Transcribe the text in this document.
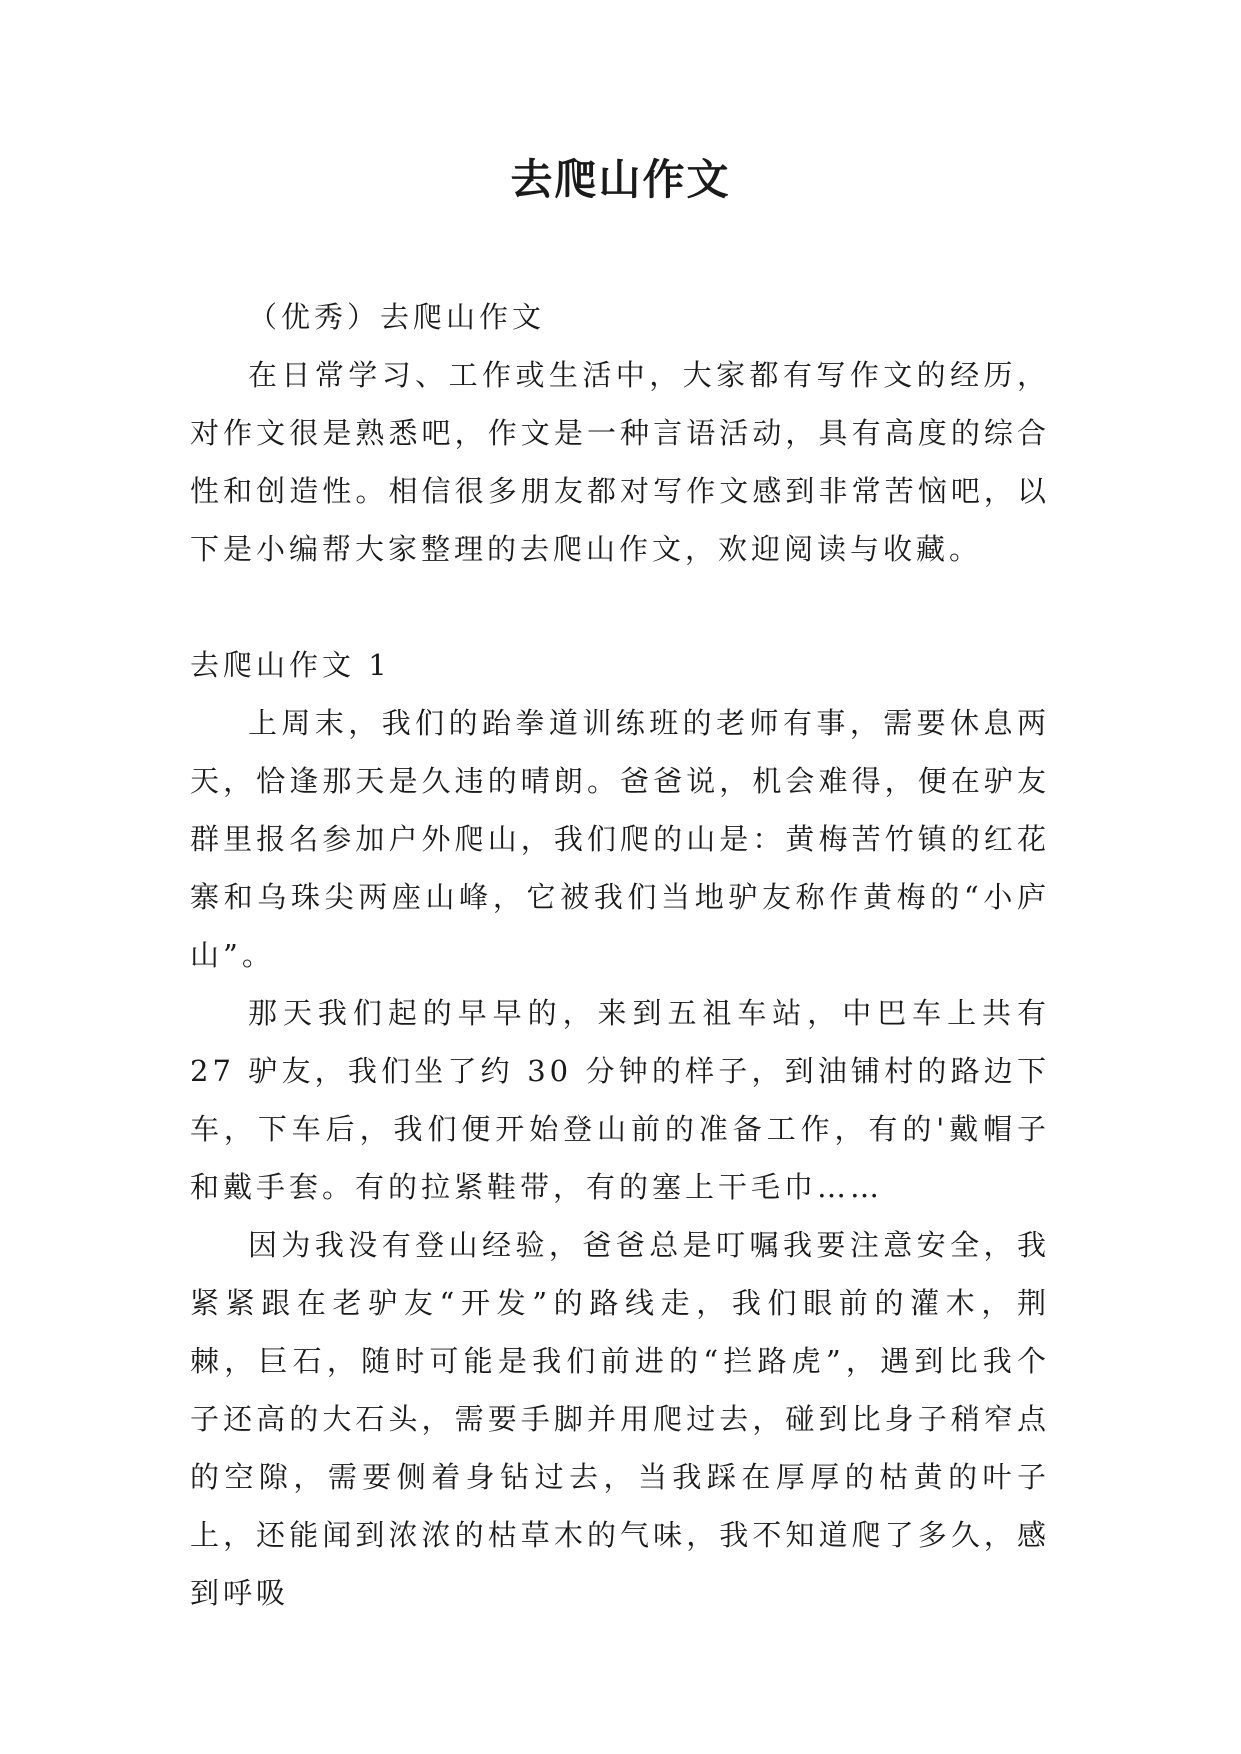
去爬山作文

（优秀）去爬山作文

在日常学习、工作或生活中，大家都有写作文的经历，对作文很是熟悉吧，作文是一种言语活动，具有高度的综合性和创造性。相信很多朋友都对写作文感到非常苦恼吧，以下是小编帮大家整理的去爬山作文，欢迎阅读与收藏。

去爬山作文 1

上周末，我们的跆拳道训练班的老师有事，需要休息两天，恰逢那天是久违的晴朗。爸爸说，机会难得，便在驴友群里报名参加户外爬山，我们爬的山是：黄梅苦竹镇的红花寨和乌珠尖两座山峰，它被我们当地驴友称作黄梅的“小庐山”。

那天我们起的早早的，来到五祖车站，中巴车上共有 27 驴友，我们坐了约 30 分钟的样子，到油铺村的路边下车，下车后，我们便开始登山前的准备工作，有的'戴帽子和戴手套。有的拉紧鞋带，有的塞上干毛巾……

因为我没有登山经验，爸爸总是叮嘱我要注意安全，我紧紧跟在老驴友“开发”的路线走，我们眼前的灌木，荆棘，巨石，随时可能是我们前进的“拦路虎”，遇到比我个子还高的大石头，需要手脚并用爬过去，碰到比身子稍窄点的空隙，需要侧着身钻过去，当我踩在厚厚的枯黄的叶子上，还能闻到浓浓的枯草木的气味，我不知道爬了多久，感到呼吸
